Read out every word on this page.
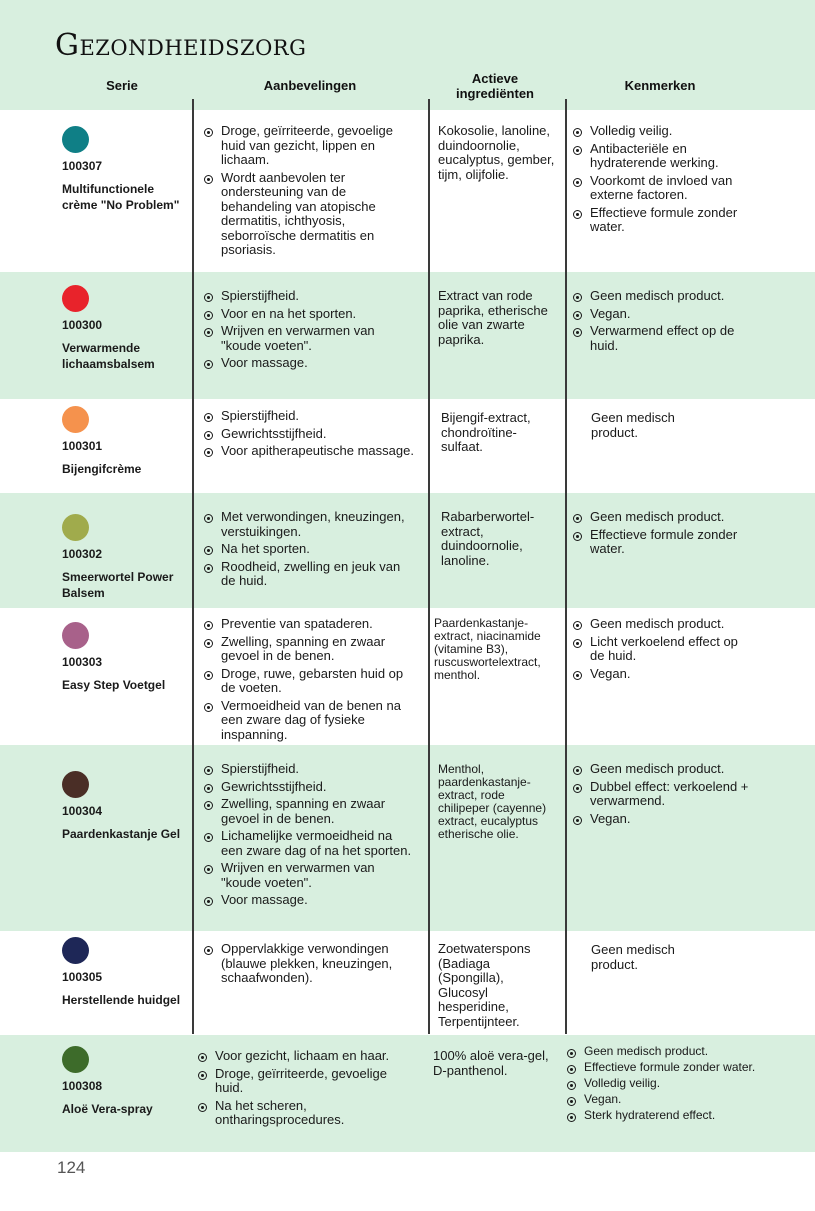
Gezondheidszorg
Serie	Aanbevelingen	Actieve ingrediënten
Kenmerken
100307
Multifunctionele crème "No Problem"
Droge, geïrriteerde, gevoelige huid van gezicht, lippen en lichaam.
Wordt aanbevolen ter ondersteuning van de behandeling van atopische dermatitis, ichthyosis, seborroïsche dermatitis en psoriasis.
Kokosolie, lanoline, duindoornolie, eucalyptus, gember, tijm, olijfolie.
Volledig veilig.
Antibacteriële en hydraterende werking.
Voorkomt de invloed van externe factoren.
Effectieve formule zonder water.
100300
Verwarmende lichaamsbalsem
Spierstijfheid.
Voor en na het sporten.
Wrijven en verwarmen van "koude voeten".
Voor massage.
Extract van rode paprika, etherische olie van zwarte paprika.
Geen medisch product.
Vegan.
Verwarmend effect op de huid.
100301
Bijengifcrème
Spierstijfheid.
Gewrichtsstijfheid.
Voor apitherapeutische massage.
Bijengif-extract, chondroïtine-sulfaat.
Geen medisch product.
100302
Smeerwortel Power Balsem
Met verwondingen, kneuzingen, verstuikingen.
Na het sporten.
Roodheid, zwelling en jeuk van de huid.
Rabarberwortel-extract, duindoornolie, lanoline.
Geen medisch product.
Effectieve formule zonder water.
100303
Easy Step Voetgel
Preventie van spataderen.
Zwelling, spanning en zwaar gevoel in de benen.
Droge, ruwe, gebarsten huid op de voeten.
Vermoeidheid van de benen na een zware dag of fysieke inspanning.
Paardenkastanje-extract, niacinamide (vitamine B3), ruscuswortelextract, menthol.
Geen medisch product.
Licht verkoelend effect op de huid.
Vegan.
100304
Paardenkastanje Gel
Spierstijfheid.
Gewrichtsstijfheid.
Zwelling, spanning en zwaar gevoel in de benen.
Lichamelijke vermoeidheid na een zware dag of na het sporten.
Wrijven en verwarmen van "koude voeten".
Voor massage.
Menthol, paardenkastanje-extract, rode chilipeper (cayenne) extract, eucalyptus etherische olie.
Geen medisch product.
Dubbel effect: verkoelend + verwarmend.
Vegan.
100305
Herstellende huidgel
Oppervlakkige verwondingen (blauwe plekken, kneuzingen, schaafwonden).
Zoetwaterspons (Badiaga (Spongilla), Glucosyl hesperidine, Terpentijnteer.
Geen medisch product.
100308
Aloë Vera-spray
Voor gezicht, lichaam en haar.
Droge, geïrriteerde, gevoelige huid.
Na het scheren, ontharingsprocedures.
100% aloë vera-gel, D-panthenol.
Geen medisch product.
Effectieve formule zonder water.
Volledig veilig.
Vegan.
Sterk hydraterend effect.
124
